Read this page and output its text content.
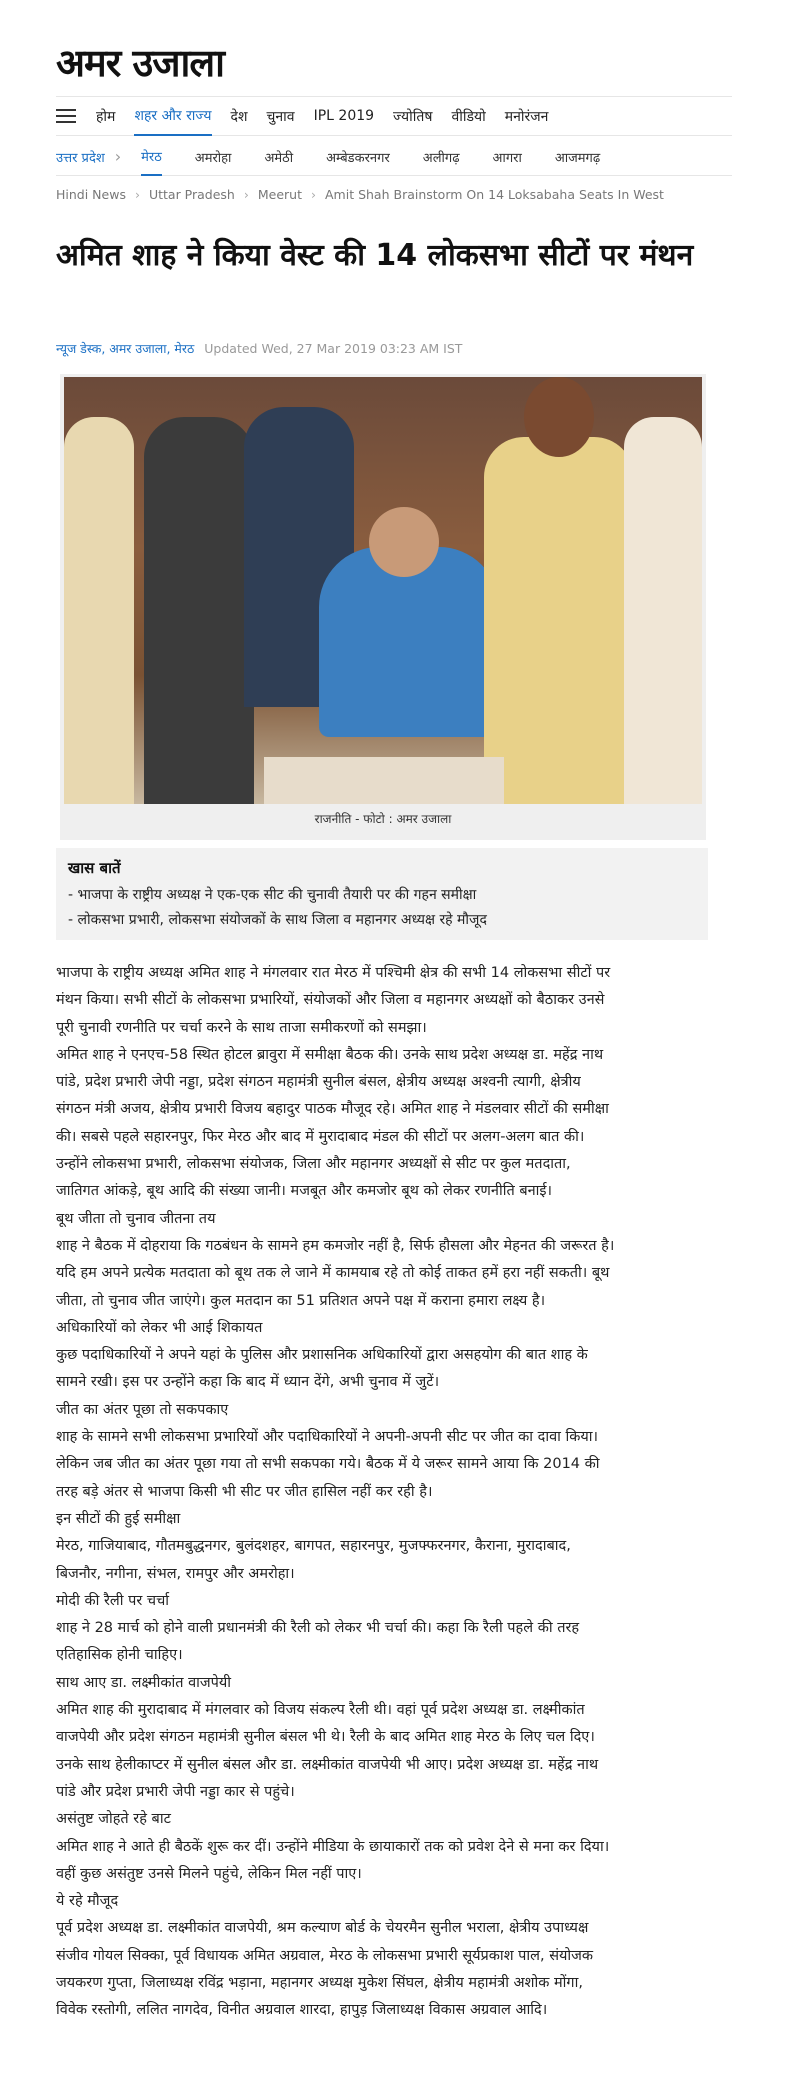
अमर उजाला
होम शहर और राज्य देश चुनाव IPL 2019 ज्योतिष वीडियो मनोरंजन
उत्तर प्रदेश › मेरठ	अमरोहा	अमेठी	अम्बेडकरनगर	अलीगढ़	आगरा	आजमगढ़
Hindi News › Uttar Pradesh › Meerut › Amit Shah Brainstorm On 14 Loksabaha Seats In West
अमित शाह ने किया वेस्ट की 14 लोकसभा सीटों पर मंथन
न्यूज डेस्क, अमर उजाला, मेरठ Updated Wed, 27 Mar 2019 03:23 AM IST
राजनीति - फोटो : अमर उजाला
खास बातें
- भाजपा के राष्ट्रीय अध्यक्ष ने एक-एक सीट की चुनावी तैयारी पर की गहन समीक्षा
- लोकसभा प्रभारी, लोकसभा संयोजकों के साथ जिला व महानगर अध्यक्ष रहे मौजूद

भाजपा के राष्ट्रीय अध्यक्ष अमित शाह ने मंगलवार रात मेरठ में पश्चिमी क्षेत्र की सभी 14 लोकसभा सीटों पर

मंथन किया। सभी सीटों के लोकसभा प्रभारियों, संयोजकों और जिला व महानगर अध्यक्षों को बैठाकर उनसे

पूरी चुनावी रणनीति पर चर्चा करने के साथ ताजा समीकरणों को समझा।

अमित शाह ने एनएच-58 स्थित होटल ब्रावुरा में समीक्षा बैठक की। उनके साथ प्रदेश अध्यक्ष डा. महेंद्र नाथ

पांडे, प्रदेश प्रभारी जेपी नड्डा, प्रदेश संगठन महामंत्री सुनील बंसल, क्षेत्रीय अध्यक्ष अश्वनी त्यागी, क्षेत्रीय

संगठन मंत्री अजय, क्षेत्रीय प्रभारी विजय बहादुर पाठक मौजूद रहे। अमित शाह ने मंडलवार सीटों की समीक्षा

की। सबसे पहले सहारनपुर, फिर मेरठ और बाद में मुरादाबाद मंडल की सीटों पर अलग-अलग बात की।

उन्होंने लोकसभा प्रभारी, लोकसभा संयोजक, जिला और महानगर अध्यक्षों से सीट पर कुल मतदाता,

जातिगत आंकड़े, बूथ आदि की संख्या जानी। मजबूत और कमजोर बूथ को लेकर रणनीति बनाई।

बूथ जीता तो चुनाव जीतना तय

शाह ने बैठक में दोहराया कि गठबंधन के सामने हम कमजोर नहीं है, सिर्फ हौसला और मेहनत की जरूरत है।

यदि हम अपने प्रत्येक मतदाता को बूथ तक ले जाने में कामयाब रहे तो कोई ताकत हमें हरा नहीं सकती। बूथ

जीता, तो चुनाव जीत जाएंगे। कुल मतदान का 51 प्रतिशत अपने पक्ष में कराना हमारा लक्ष्य है।

अधिकारियों को लेकर भी आई शिकायत

कुछ पदाधिकारियों ने अपने यहां के पुलिस और प्रशासनिक अधिकारियों द्वारा असहयोग की बात शाह के

सामने रखी। इस पर उन्होंने कहा कि बाद में ध्यान देंगे, अभी चुनाव में जुटें।

जीत का अंतर पूछा तो सकपकाए

शाह के सामने सभी लोकसभा प्रभारियों और पदाधिकारियों ने अपनी-अपनी सीट पर जीत का दावा किया।

लेकिन जब जीत का अंतर पूछा गया तो सभी सकपका गये। बैठक में ये जरूर सामने आया कि 2014 की

तरह बड़े अंतर से भाजपा किसी भी सीट पर जीत हासिल नहीं कर रही है।

इन सीटों की हुई समीक्षा

मेरठ, गाजियाबाद, गौतमबुद्धनगर, बुलंदशहर, बागपत, सहारनपुर, मुजफ्फरनगर, कैराना, मुरादाबाद,

बिजनौर, नगीना, संभल, रामपुर और अमरोहा।

मोदी की रैली पर चर्चा

शाह ने 28 मार्च को होने वाली प्रधानमंत्री की रैली को लेकर भी चर्चा की। कहा कि रैली पहले की तरह

एतिहासिक होनी चाहिए।

साथ आए डा. लक्ष्मीकांत वाजपेयी

अमित शाह की मुरादाबाद में मंगलवार को विजय संकल्प रैली थी। वहां पूर्व प्रदेश अध्यक्ष डा. लक्ष्मीकांत

वाजपेयी और प्रदेश संगठन महामंत्री सुनील बंसल भी थे। रैली के बाद अमित शाह मेरठ के लिए चल दिए।

उनके साथ हेलीकाप्टर में सुनील बंसल और डा. लक्ष्मीकांत वाजपेयी भी आए। प्रदेश अध्यक्ष डा. महेंद्र नाथ

पांडे और प्रदेश प्रभारी जेपी नड्डा कार से पहुंचे।

असंतुष्ट जोहते रहे बाट

अमित शाह ने आते ही बैठकें शुरू कर दीं। उन्होंने मीडिया के छायाकारों तक को प्रवेश देने से मना कर दिया।

वहीं कुछ असंतुष्ट उनसे मिलने पहुंचे, लेकिन मिल नहीं पाए।

ये रहे मौजूद

पूर्व प्रदेश अध्यक्ष डा. लक्ष्मीकांत वाजपेयी, श्रम कल्याण बोर्ड के चेयरमैन सुनील भराला, क्षेत्रीय उपाध्यक्ष

संजीव गोयल सिक्का, पूर्व विधायक अमित अग्रवाल, मेरठ के लोकसभा प्रभारी सूर्यप्रकाश पाल, संयोजक

जयकरण गुप्ता, जिलाध्यक्ष रविंद्र भड़ाना, महानगर अध्यक्ष मुकेश सिंघल, क्षेत्रीय महामंत्री अशोक मोंगा,

विवेक रस्तोगी, ललित नागदेव, विनीत अग्रवाल शारदा, हापुड़ जिलाध्यक्ष विकास अग्रवाल आदि।
